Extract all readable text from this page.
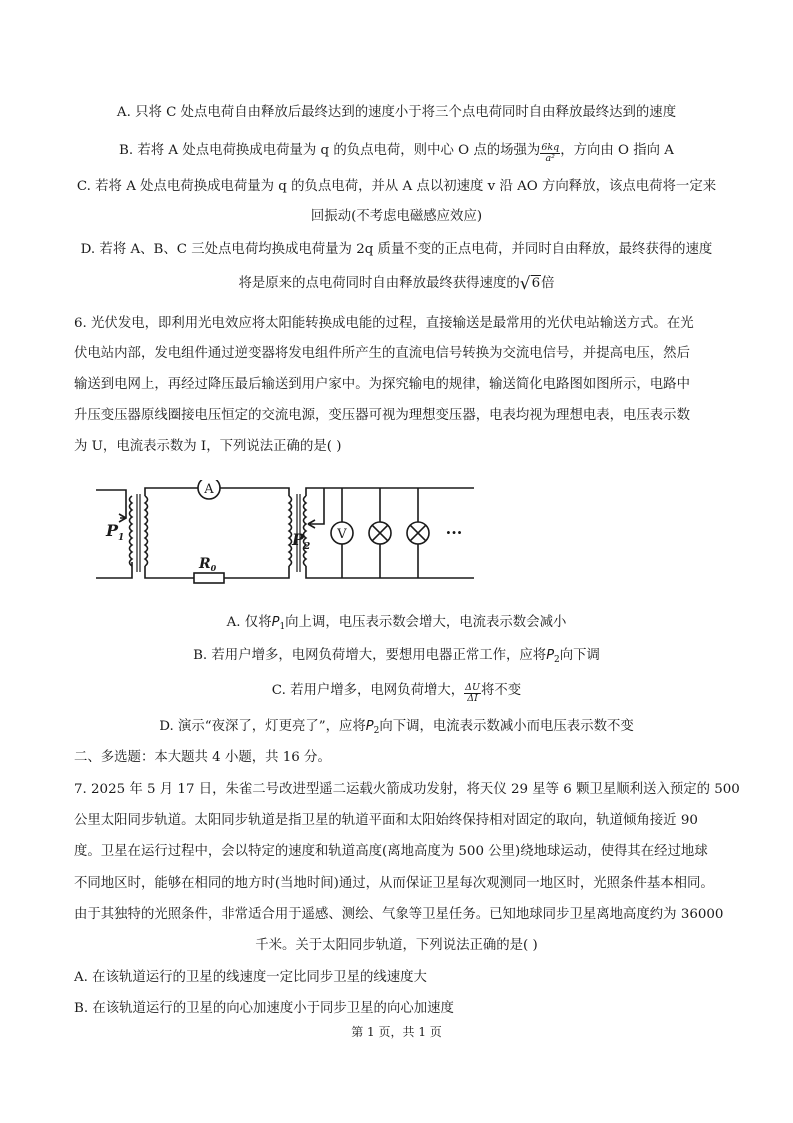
A. 只将 C 处点电荷自由释放后最终达到的速度小于将三个点电荷同时自由释放最终达到的速度
B. 若将 A 处点电荷换成电荷量为 q 的负点电荷，则中心 O 点的场强为 $\frac{6kq}{\text{a²}}$ ，方向由 O 指向 A
C. 若将 A 处点电荷换成电荷量为 q 的负点电荷，并从 A 点以初速度 v 沿 AO 方向释放，该点电荷将一定来
回振动(不考虑电磁感应效应)
D. 若将 A、B、C 三处点电荷均换成电荷量为 2q 质量不变的正点电荷，并同时自由释放，最终获得的速度
将是原来的点电荷同时自由释放最终获得速度的√6倍
6. 光伏发电，即利用光电效应将太阳能转换成电能的过程，直接输送是最常用的光伏电站输送方式。在光
伏电站内部，发电组件通过逆变器将发电组件所产生的直流电信号转换为交流电信号，并提高电压，然后
输送到电网上，再经过降压最后输送到用户家中。为探究输电的规律，输送简化电路图如图所示，电路中
升压变压器原线圈接电压恒定的交流电源，变压器可视为理想变压器，电表均视为理想电表，电压表示数
为 U，电流表示数为 I，下列说法正确的是( )
$P_1$
A
$R_0$
$P_2$
V	···
A. 仅将$P_1$向上调，电压表示数会增大，电流表示数会减小
B. 若用户增多，电网负荷增大，要想用电器正常工作，应将$P_2$向下调
C. 若用户增多，电网负荷增大， $\frac{\Delta U}{\Delta I}$ 将不变
D. 演示“夜深了，灯更亮了”，应将$P_2$向下调，电流表示数减小而电压表示数不变
二、多选题：本大题共 4 小题，共 16 分。
7. 2025 年 5 月 17 日，朱雀二号改进型遥二运载火箭成功发射，将天仪 29 星等 6 颗卫星顺利送入预定的 500
公里太阳同步轨道。太阳同步轨道是指卫星的轨道平面和太阳始终保持相对固定的取向，轨道倾角接近 90
度。卫星在运行过程中，会以特定的速度和轨道高度(离地高度为 500 公里)绕地球运动，使得其在经过地球
不同地区时，能够在相同的地方时(当地时间)通过，从而保证卫星每次观测同一地区时，光照条件基本相同。
由于其独特的光照条件，非常适合用于遥感、测绘、气象等卫星任务。已知地球同步卫星离地高度约为 36000
千米。关于太阳同步轨道，下列说法正确的是( )
A. 在该轨道运行的卫星的线速度一定比同步卫星的线速度大
B. 在该轨道运行的卫星的向心加速度小于同步卫星的向心加速度
第 1 页，共 1 页
